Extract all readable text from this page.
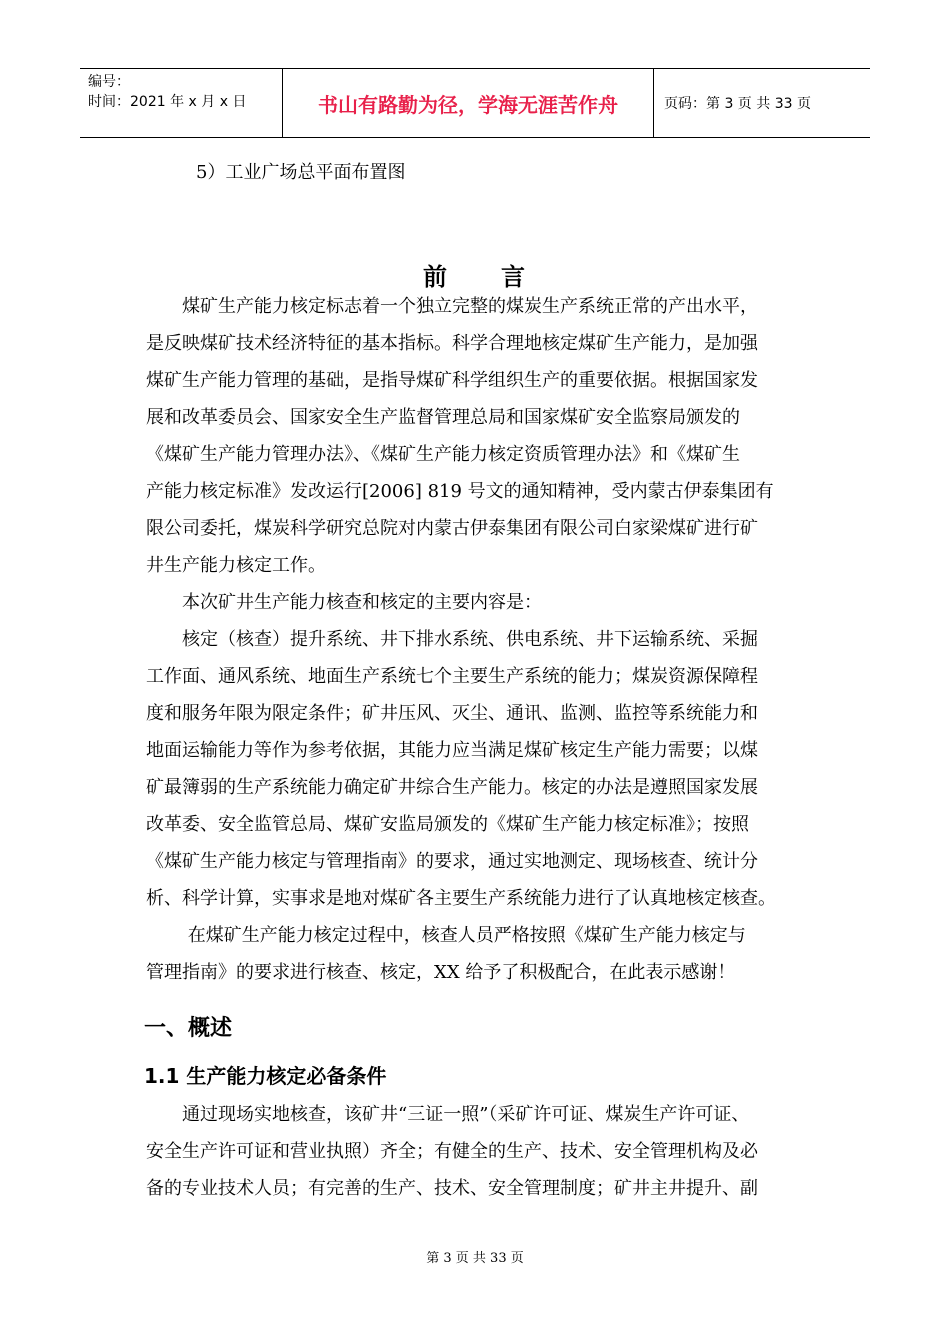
编号：
时间：2021 年 x 月 x 日	书山有路勤为径，学海无涯苦作舟	页码：第 3 页 共 33 页
5）工业广场总平面布置图
前　　言
　　煤矿生产能力核定标志着一个独立完整的煤炭生产系统正常的产出水平，
是反映煤矿技术经济特征的基本指标。科学合理地核定煤矿生产能力，是加强
煤矿生产能力管理的基础，是指导煤矿科学组织生产的重要依据。根据国家发
展和改革委员会、国家安全生产监督管理总局和国家煤矿安全监察局颁发的
《煤矿生产能力管理办法》、《煤矿生产能力核定资质管理办法》和《煤矿生
产能力核定标准》发改运行[2006] 819 号文的通知精神，受内蒙古伊泰集团有
限公司委托，煤炭科学研究总院对内蒙古伊泰集团有限公司白家梁煤矿进行矿
井生产能力核定工作。
　　本次矿井生产能力核查和核定的主要内容是：
　　核定（核查）提升系统、井下排水系统、供电系统、井下运输系统、采掘
工作面、通风系统、地面生产系统七个主要生产系统的能力；煤炭资源保障程
度和服务年限为限定条件；矿井压风、灭尘、通讯、监测、监控等系统能力和
地面运输能力等作为参考依据，其能力应当满足煤矿核定生产能力需要；以煤
矿最簿弱的生产系统能力确定矿井综合生产能力。核定的办法是遵照国家发展
改革委、安全监管总局、煤矿安监局颁发的《煤矿生产能力核定标准》；按照
《煤矿生产能力核定与管理指南》的要求，通过实地测定、现场核查、统计分
析、科学计算，实事求是地对煤矿各主要生产系统能力进行了认真地核定核查。
　　 在煤矿生产能力核定过程中，核查人员严格按照《煤矿生产能力核定与
管理指南》的要求进行核查、核定，XX 给予了积极配合，在此表示感谢！
一、概述
1.1 生产能力核定必备条件
　　通过现场实地核查，该矿井“三证一照”（采矿许可证、煤炭生产许可证、
安全生产许可证和营业执照）齐全；有健全的生产、技术、安全管理机构及必
备的专业技术人员；有完善的生产、技术、安全管理制度；矿井主井提升、副
第 3 页 共 33 页
